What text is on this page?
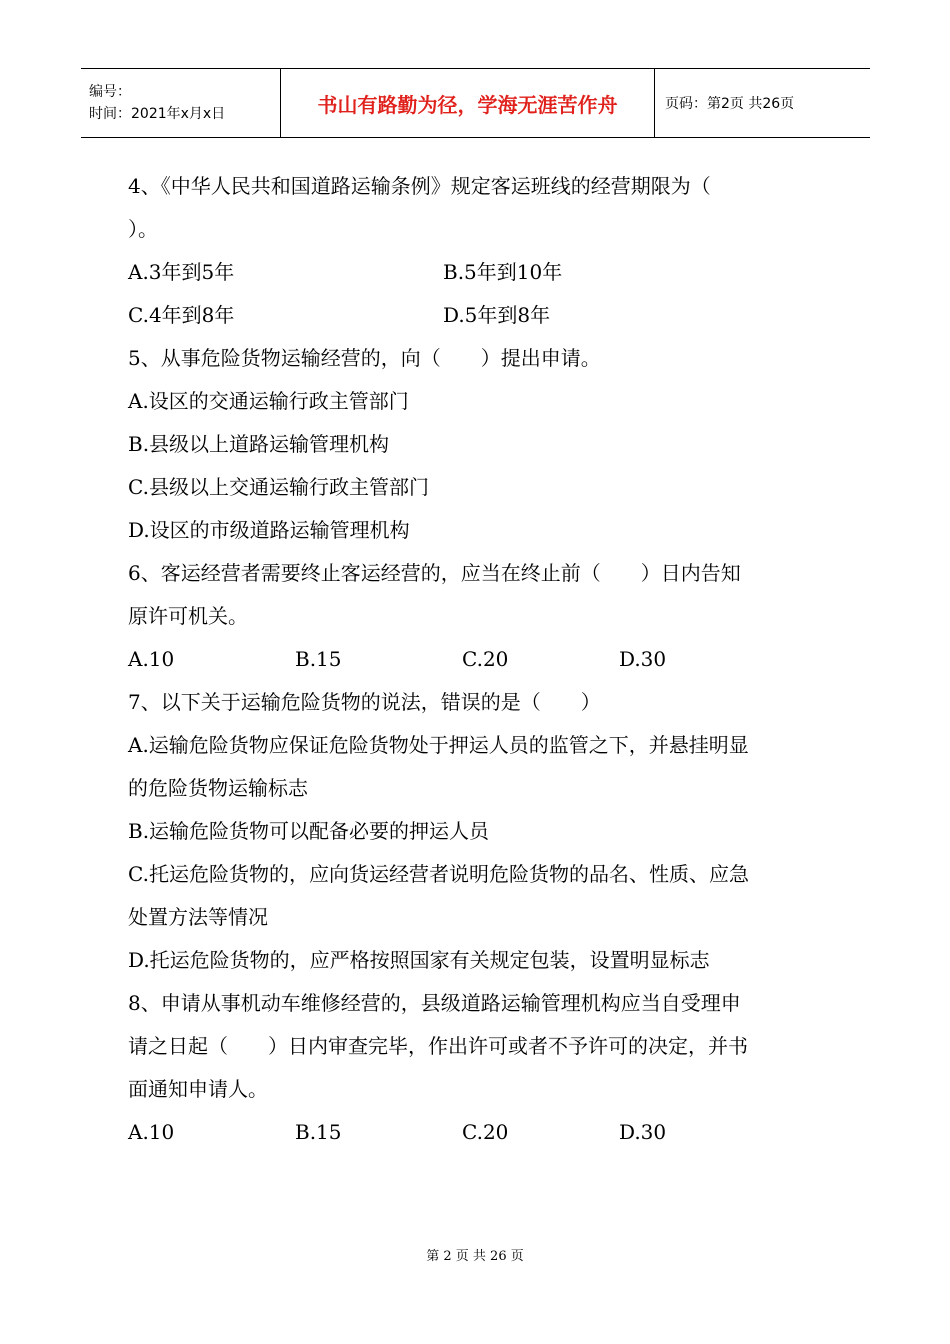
编号：
时间：2021年x月x日	书山有路勤为径，学海无涯苦作舟	页码：第2页 共26页
4、《中华人民共和国道路运输条例》规定客运班线的经营期限为（
）。
A.3年到5年	B.5年到10年
C.4年到8年	D.5年到8年
5、从事危险货物运输经营的，向（　　）提出申请。
A.设区的交通运输行政主管部门
B.县级以上道路运输管理机构
C.县级以上交通运输行政主管部门
D.设区的市级道路运输管理机构
6、客运经营者需要终止客运经营的，应当在终止前（　　）日内告知
原许可机关。
A.10	B.15	C.20	D.30
7、以下关于运输危险货物的说法，错误的是（　　）
A.运输危险货物应保证危险货物处于押运人员的监管之下，并悬挂明显
的危险货物运输标志
B.运输危险货物可以配备必要的押运人员
C.托运危险货物的，应向货运经营者说明危险货物的品名、性质、应急
处置方法等情况
D.托运危险货物的，应严格按照国家有关规定包装，设置明显标志
8、申请从事机动车维修经营的，县级道路运输管理机构应当自受理申
请之日起（　　）日内审查完毕，作出许可或者不予许可的决定，并书
面通知申请人。
A.10	B.15	C.20	D.30
第 2 页 共 26 页
